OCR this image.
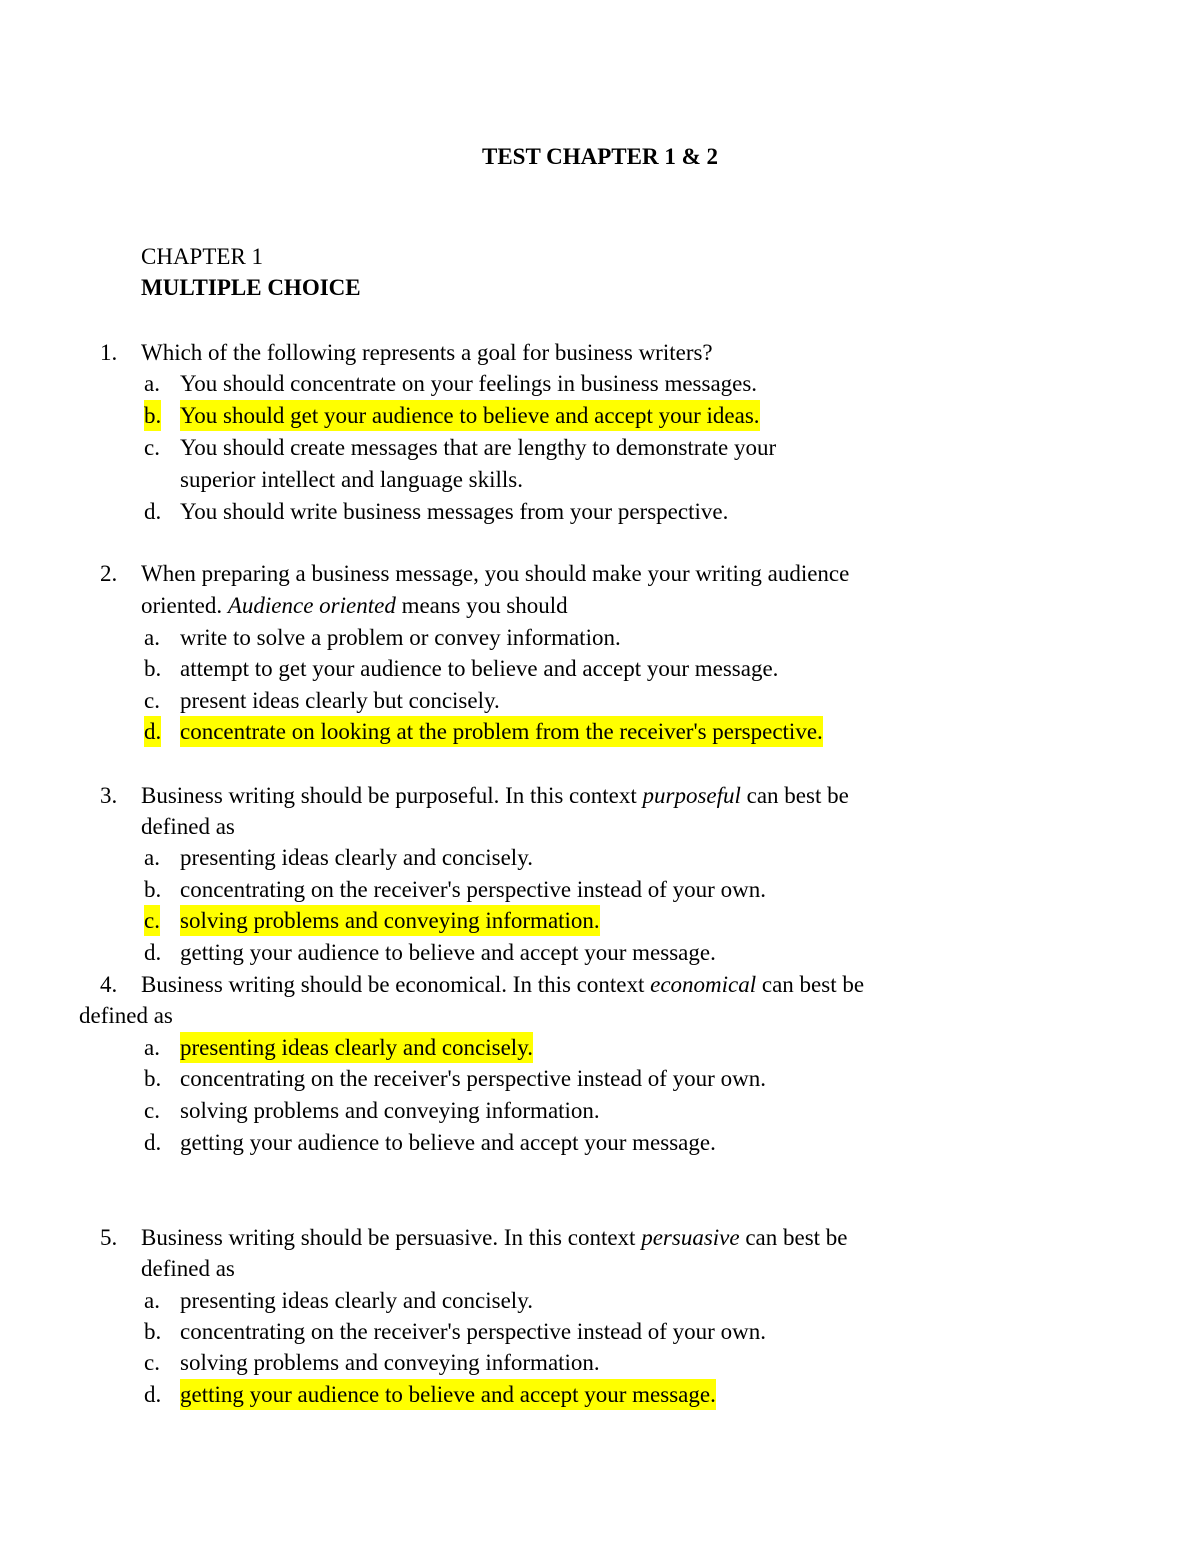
TEST CHAPTER 1 & 2
CHAPTER 1
MULTIPLE CHOICE
1. Which of the following represents a goal for business writers?
a. You should concentrate on your feelings in business messages.
b. You should get your audience to believe and accept your ideas.
c. You should create messages that are lengthy to demonstrate your
superior intellect and language skills.
d. You should write business messages from your perspective.
2. When preparing a business message, you should make your writing audience
oriented. Audience oriented means you should
a. write to solve a problem or convey information.
b. attempt to get your audience to believe and accept your message.
c. present ideas clearly but concisely.
d. concentrate on looking at the problem from the receiver's perspective.
3. Business writing should be purposeful. In this context purposeful can best be
defined as
a. presenting ideas clearly and concisely.
b. concentrating on the receiver's perspective instead of your own.
c. solving problems and conveying information.
d. getting your audience to believe and accept your message.
4. Business writing should be economical. In this context economical can best be
defined as
a. presenting ideas clearly and concisely.
b. concentrating on the receiver's perspective instead of your own.
c. solving problems and conveying information.
d. getting your audience to believe and accept your message.
5. Business writing should be persuasive. In this context persuasive can best be
defined as
a. presenting ideas clearly and concisely.
b. concentrating on the receiver's perspective instead of your own.
c. solving problems and conveying information.
d. getting your audience to believe and accept your message.
